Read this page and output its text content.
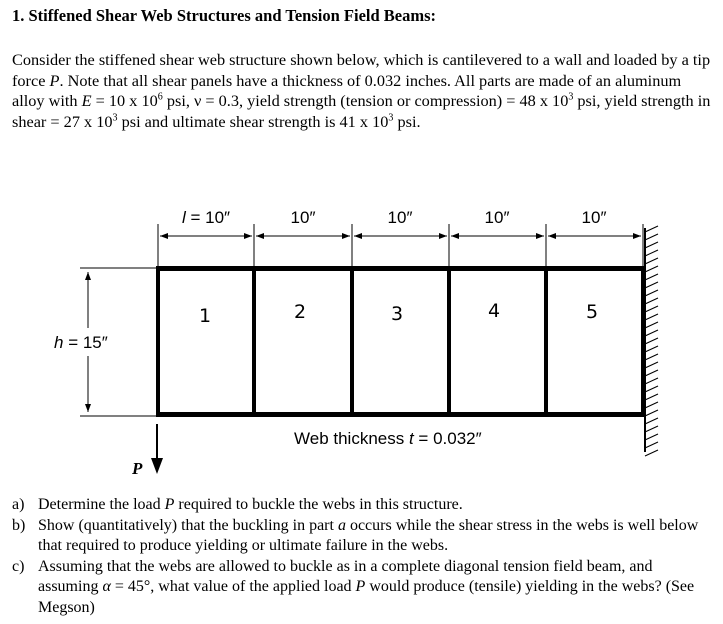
1. Stiffened Shear Web Structures and Tension Field Beams:

Consider the stiffened shear web structure shown below, which is cantilevered to a wall and loaded by a tip force P. Note that all shear panels have a thickness of 0.032 inches. All parts are made of an aluminum alloy with E = 10 x $10^6$ psi, ν = 0.3, yield strength (tension or compression) = 48 x $10^3$ psi, yield strength in shear = 27 x $10^3$ psi and ultimate shear strength is 41 x $10^3$ psi.

l = 10″	10″	10″	10″	10″
h = 15″
1	2	3	4	5
Web thickness t = 0.032″
P

a) Determine the load P required to buckle the webs in this structure.

b) Show (quantitatively) that the buckling in part a occurs while the shear stress in the webs is well below that required to produce yielding or ultimate failure in the webs.

c) Assuming that the webs are allowed to buckle as in a complete diagonal tension field beam, and assuming α = 45°, what value of the applied load P would produce (tensile) yielding in the webs? (See Megson)
